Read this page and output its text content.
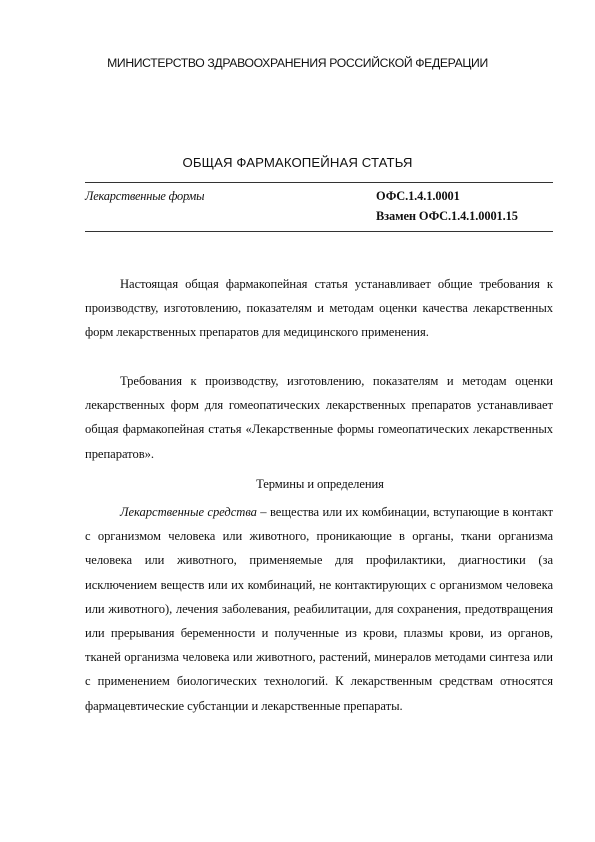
МИНИСТЕРСТВО ЗДРАВООХРАНЕНИЯ РОССИЙСКОЙ ФЕДЕРАЦИИ
ОБЩАЯ ФАРМАКОПЕЙНАЯ СТАТЬЯ
Лекарственные формы	ОФС.1.4.1.0001
Взамен ОФС.1.4.1.0001.15

Настоящая общая фармакопейная статья устанавливает общие требования к производству, изготовлению, показателям и методам оценки качества лекарственных форм лекарственных препаратов для медицинского применения.

Требования к производству, изготовлению, показателям и методам оценки лекарственных форм для гомеопатических лекарственных препаратов устанавливает общая фармакопейная статья «Лекарственные формы гомеопатических лекарственных препаратов».

Термины и определения

Лекарственные средства – вещества или их комбинации, вступающие в контакт с организмом человека или животного, проникающие в органы, ткани организма человека или животного, применяемые для профилактики, диагностики (за исключением веществ или их комбинаций, не контактирующих с организмом человека или животного), лечения заболевания, реабилитации, для сохранения, предотвращения или прерывания беременности и полученные из крови, плазмы крови, из органов, тканей организма человека или животного, растений, минералов методами синтеза или с применением биологических технологий. К лекарственным средствам относятся фармацевтические субстанции и лекарственные препараты.
